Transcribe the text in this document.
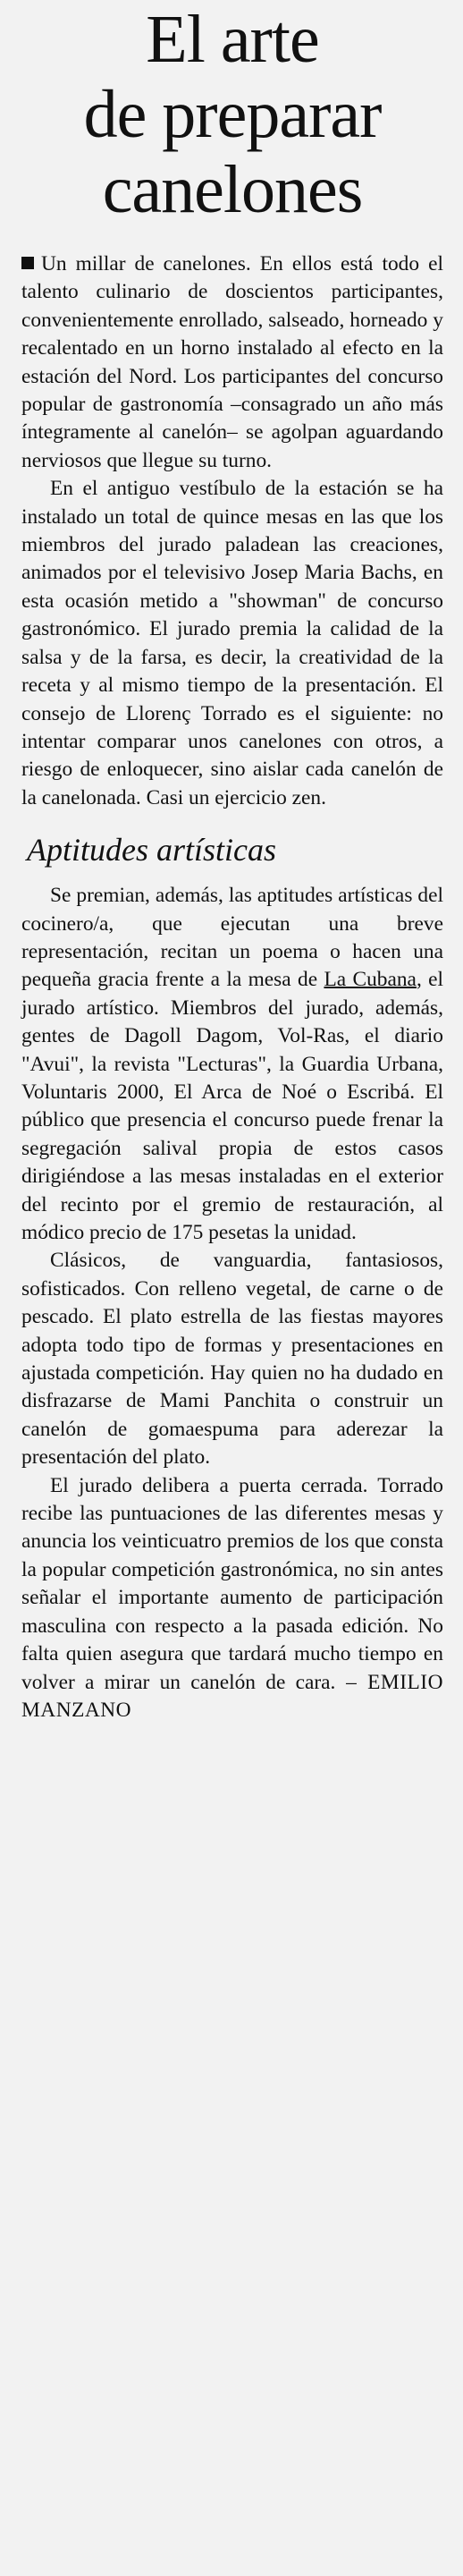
El arte
de preparar
canelones

Un millar de canelones. En ellos está todo el talento culinario de doscientos participantes, convenientemente enrollado, salseado, horneado y recalentado en un horno instalado al efecto en la estación del Nord. Los participantes del concurso popular de gastronomía –consagrado un año más íntegramente al canelón– se agolpan aguardando nerviosos que llegue su turno.

En el antiguo vestíbulo de la estación se ha instalado un total de quince mesas en las que los miembros del jurado paladean las creaciones, animados por el televisivo Josep Maria Bachs, en esta ocasión metido a "showman" de concurso gastronómico. El jurado premia la calidad de la salsa y de la farsa, es decir, la creatividad de la receta y al mismo tiempo de la presentación. El consejo de Llorenç Torrado es el siguiente: no intentar comparar unos canelones con otros, a riesgo de enloquecer, sino aislar cada canelón de la canelonada. Casi un ejercicio zen.

Aptitudes artísticas

Se premian, además, las aptitudes artísticas del cocinero/a, que ejecutan una breve representación, recitan un poema o hacen una pequeña gracia frente a la mesa de La Cubana, el jurado artístico. Miembros del jurado, además, gentes de Dagoll Dagom, Vol-Ras, el diario "Avui", la revista "Lecturas", la Guardia Urbana, Voluntaris 2000, El Arca de Noé o Escribá. El público que presencia el concurso puede frenar la segregación salival propia de estos casos dirigiéndose a las mesas instaladas en el exterior del recinto por el gremio de restauración, al módico precio de 175 pesetas la unidad.

Clásicos, de vanguardia, fantasiosos, sofisticados. Con relleno vegetal, de carne o de pescado. El plato estrella de las fiestas mayores adopta todo tipo de formas y presentaciones en ajustada competición. Hay quien no ha dudado en disfrazarse de Mami Panchita o construir un canelón de gomaespuma para aderezar la presentación del plato.

El jurado delibera a puerta cerrada. Torrado recibe las puntuaciones de las diferentes mesas y anuncia los veinticuatro premios de los que consta la popular competición gastronómica, no sin antes señalar el importante aumento de participación masculina con respecto a la pasada edición. No falta quien asegura que tardará mucho tiempo en volver a mirar un canelón de cara. – EMILIO MANZANO
